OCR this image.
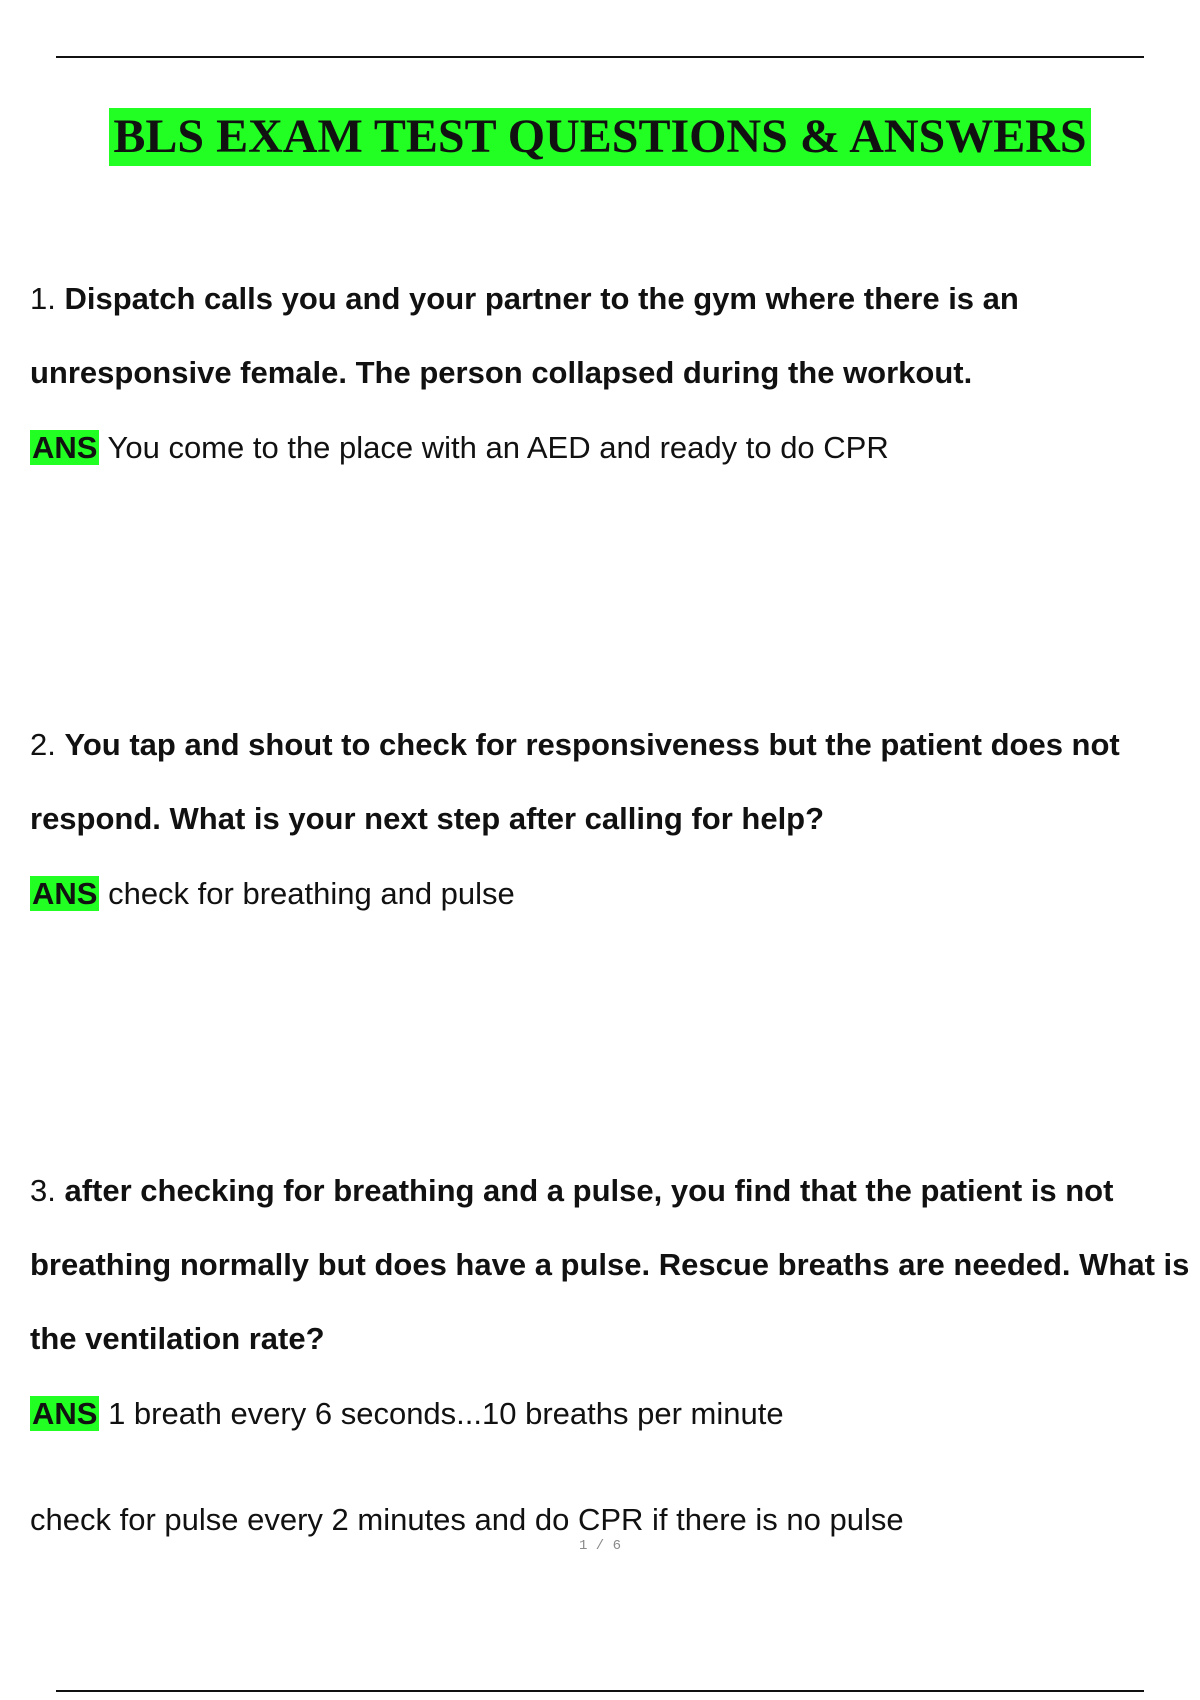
BLS EXAM TEST QUESTIONS & ANSWERS

1. Dispatch calls you and your partner to the gym where there is an unresponsive female. The person collapsed during the workout.

ANS You come to the place with an AED and ready to do CPR

2. You tap and shout to check for responsiveness but the patient does not respond. What is your next step after calling for help?

ANS check for breathing and pulse

3. after checking for breathing and a pulse, you find that the patient is not breathing normally but does have a pulse. Rescue breaths are needed. What is the ventilation rate?

ANS 1 breath every 6 seconds...10 breaths per minute

check for pulse every 2 minutes and do CPR if there is no pulse

1 / 6
